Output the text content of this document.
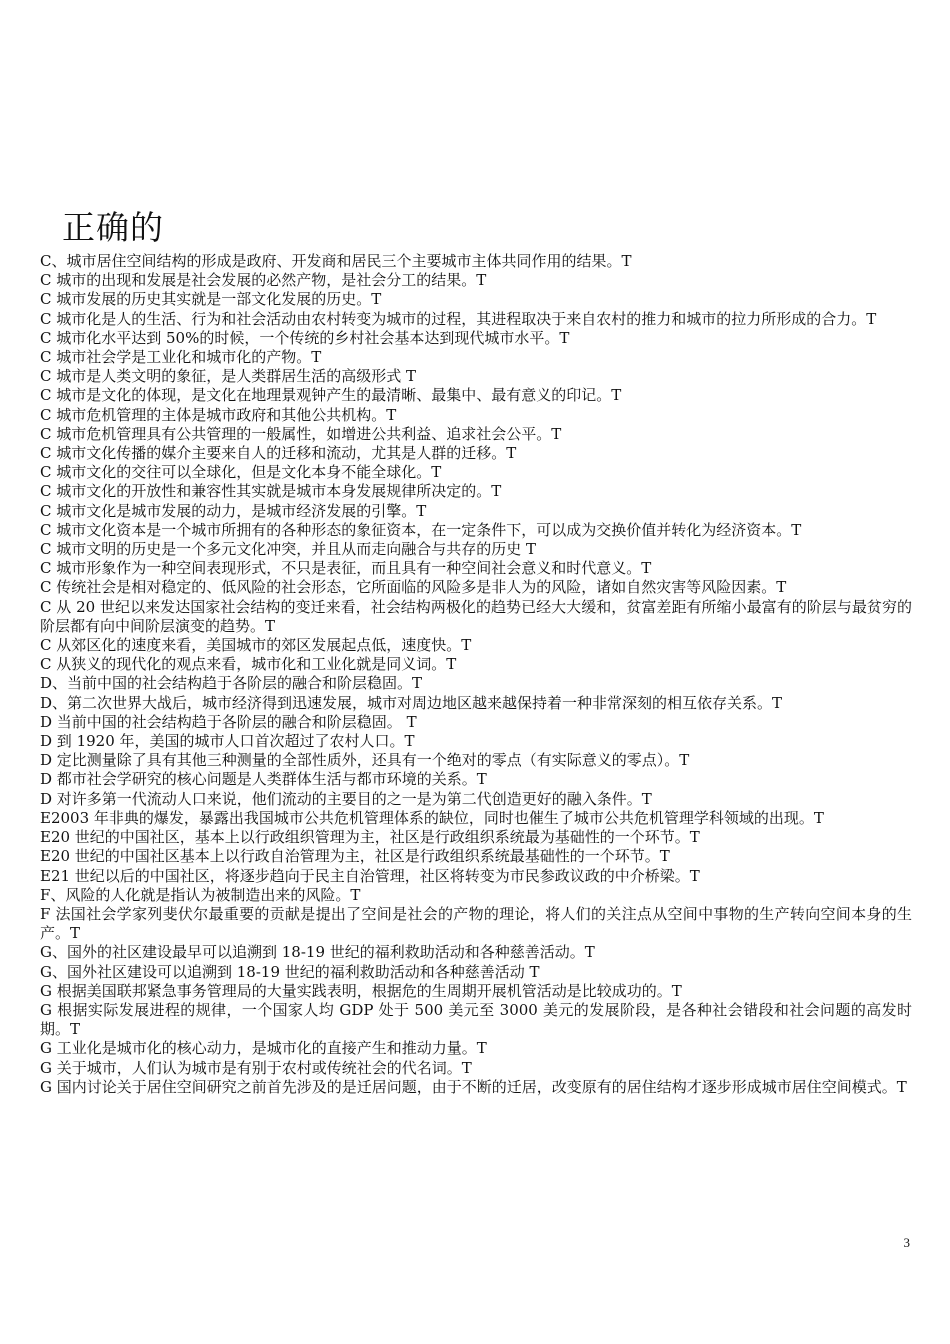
正确的
C、城市居住空间结构的形成是政府、开发商和居民三个主要城市主体共同作用的结果。T
C 城市的出现和发展是社会发展的必然产物，是社会分工的结果。T
C 城市发展的历史其实就是一部文化发展的历史。T
C 城市化是人的生活、行为和社会活动由农村转变为城市的过程，其进程取决于来自农村的推力和城市的拉力所形成的合力。T
C 城市化水平达到 50%的时候，一个传统的乡村社会基本达到现代城市水平。T
C 城市社会学是工业化和城市化的产物。T
C 城市是人类文明的象征，是人类群居生活的高级形式 T
C 城市是文化的体现，是文化在地理景观钟产生的最清晰、最集中、最有意义的印记。T
C 城市危机管理的主体是城市政府和其他公共机构。T
C 城市危机管理具有公共管理的一般属性，如增进公共利益、追求社会公平。T
C 城市文化传播的媒介主要来自人的迁移和流动，尤其是人群的迁移。T
C 城市文化的交往可以全球化，但是文化本身不能全球化。T
C 城市文化的开放性和兼容性其实就是城市本身发展规律所决定的。T
C 城市文化是城市发展的动力，是城市经济发展的引擎。T
C 城市文化资本是一个城市所拥有的各种形态的象征资本，在一定条件下，可以成为交换价值并转化为经济资本。T
C 城市文明的历史是一个多元文化冲突，并且从而走向融合与共存的历史 T
C 城市形象作为一种空间表现形式，不只是表征，而且具有一种空间社会意义和时代意义。T
C 传统社会是相对稳定的、低风险的社会形态，它所面临的风险多是非人为的风险，诸如自然灾害等风险因素。T
C 从 20 世纪以来发达国家社会结构的变迁来看，社会结构两极化的趋势已经大大缓和，贫富差距有所缩小最富有的阶层与最贫穷的阶层都有向中间阶层演变的趋势。T
C 从郊区化的速度来看，美国城市的郊区发展起点低，速度快。T
C 从狭义的现代化的观点来看，城市化和工业化就是同义词。T
D、当前中国的社会结构趋于各阶层的融合和阶层稳固。T
D、第二次世界大战后，城市经济得到迅速发展，城市对周边地区越来越保持着一种非常深刻的相互依存关系。T
D 当前中国的社会结构趋于各阶层的融合和阶层稳固。 T
D 到 1920 年，美国的城市人口首次超过了农村人口。T
D 定比测量除了具有其他三种测量的全部性质外，还具有一个绝对的零点（有实际意义的零点）。T
D 都市社会学研究的核心问题是人类群体生活与都市环境的关系。T
D 对许多第一代流动人口来说，他们流动的主要目的之一是为第二代创造更好的融入条件。T
E2003 年非典的爆发，暴露出我国城市公共危机管理体系的缺位，同时也催生了城市公共危机管理学科领域的出现。T
E20 世纪的中国社区，基本上以行政组织管理为主，社区是行政组织系统最为基础性的一个环节。T
E20 世纪的中国社区基本上以行政自治管理为主，社区是行政组织系统最基础性的一个环节。T
E21 世纪以后的中国社区，将逐步趋向于民主自治管理，社区将转变为市民参政议政的中介桥梁。T
F、风险的人化就是指认为被制造出来的风险。T
F 法国社会学家列斐伏尔最重要的贡献是提出了空间是社会的产物的理论，将人们的关注点从空间中事物的生产转向空间本身的生产。T
G、国外的社区建设最早可以追溯到 18-19 世纪的福利救助活动和各种慈善活动。T
G、国外社区建设可以追溯到 18-19 世纪的福利救助活动和各种慈善活动 T
G 根据美国联邦紧急事务管理局的大量实践表明，根据危的生周期开展机管活动是比较成功的。T
G 根据实际发展进程的规律，一个国家人均 GDP 处于 500 美元至 3000 美元的发展阶段，是各种社会错段和社会问题的高发时期。T
G 工业化是城市化的核心动力，是城市化的直接产生和推动力量。T
G 关于城市，人们认为城市是有别于农村或传统社会的代名词。T
G 国内讨论关于居住空间研究之前首先涉及的是迁居问题，由于不断的迁居，改变原有的居住结构才逐步形成城市居住空间模式。T
3
